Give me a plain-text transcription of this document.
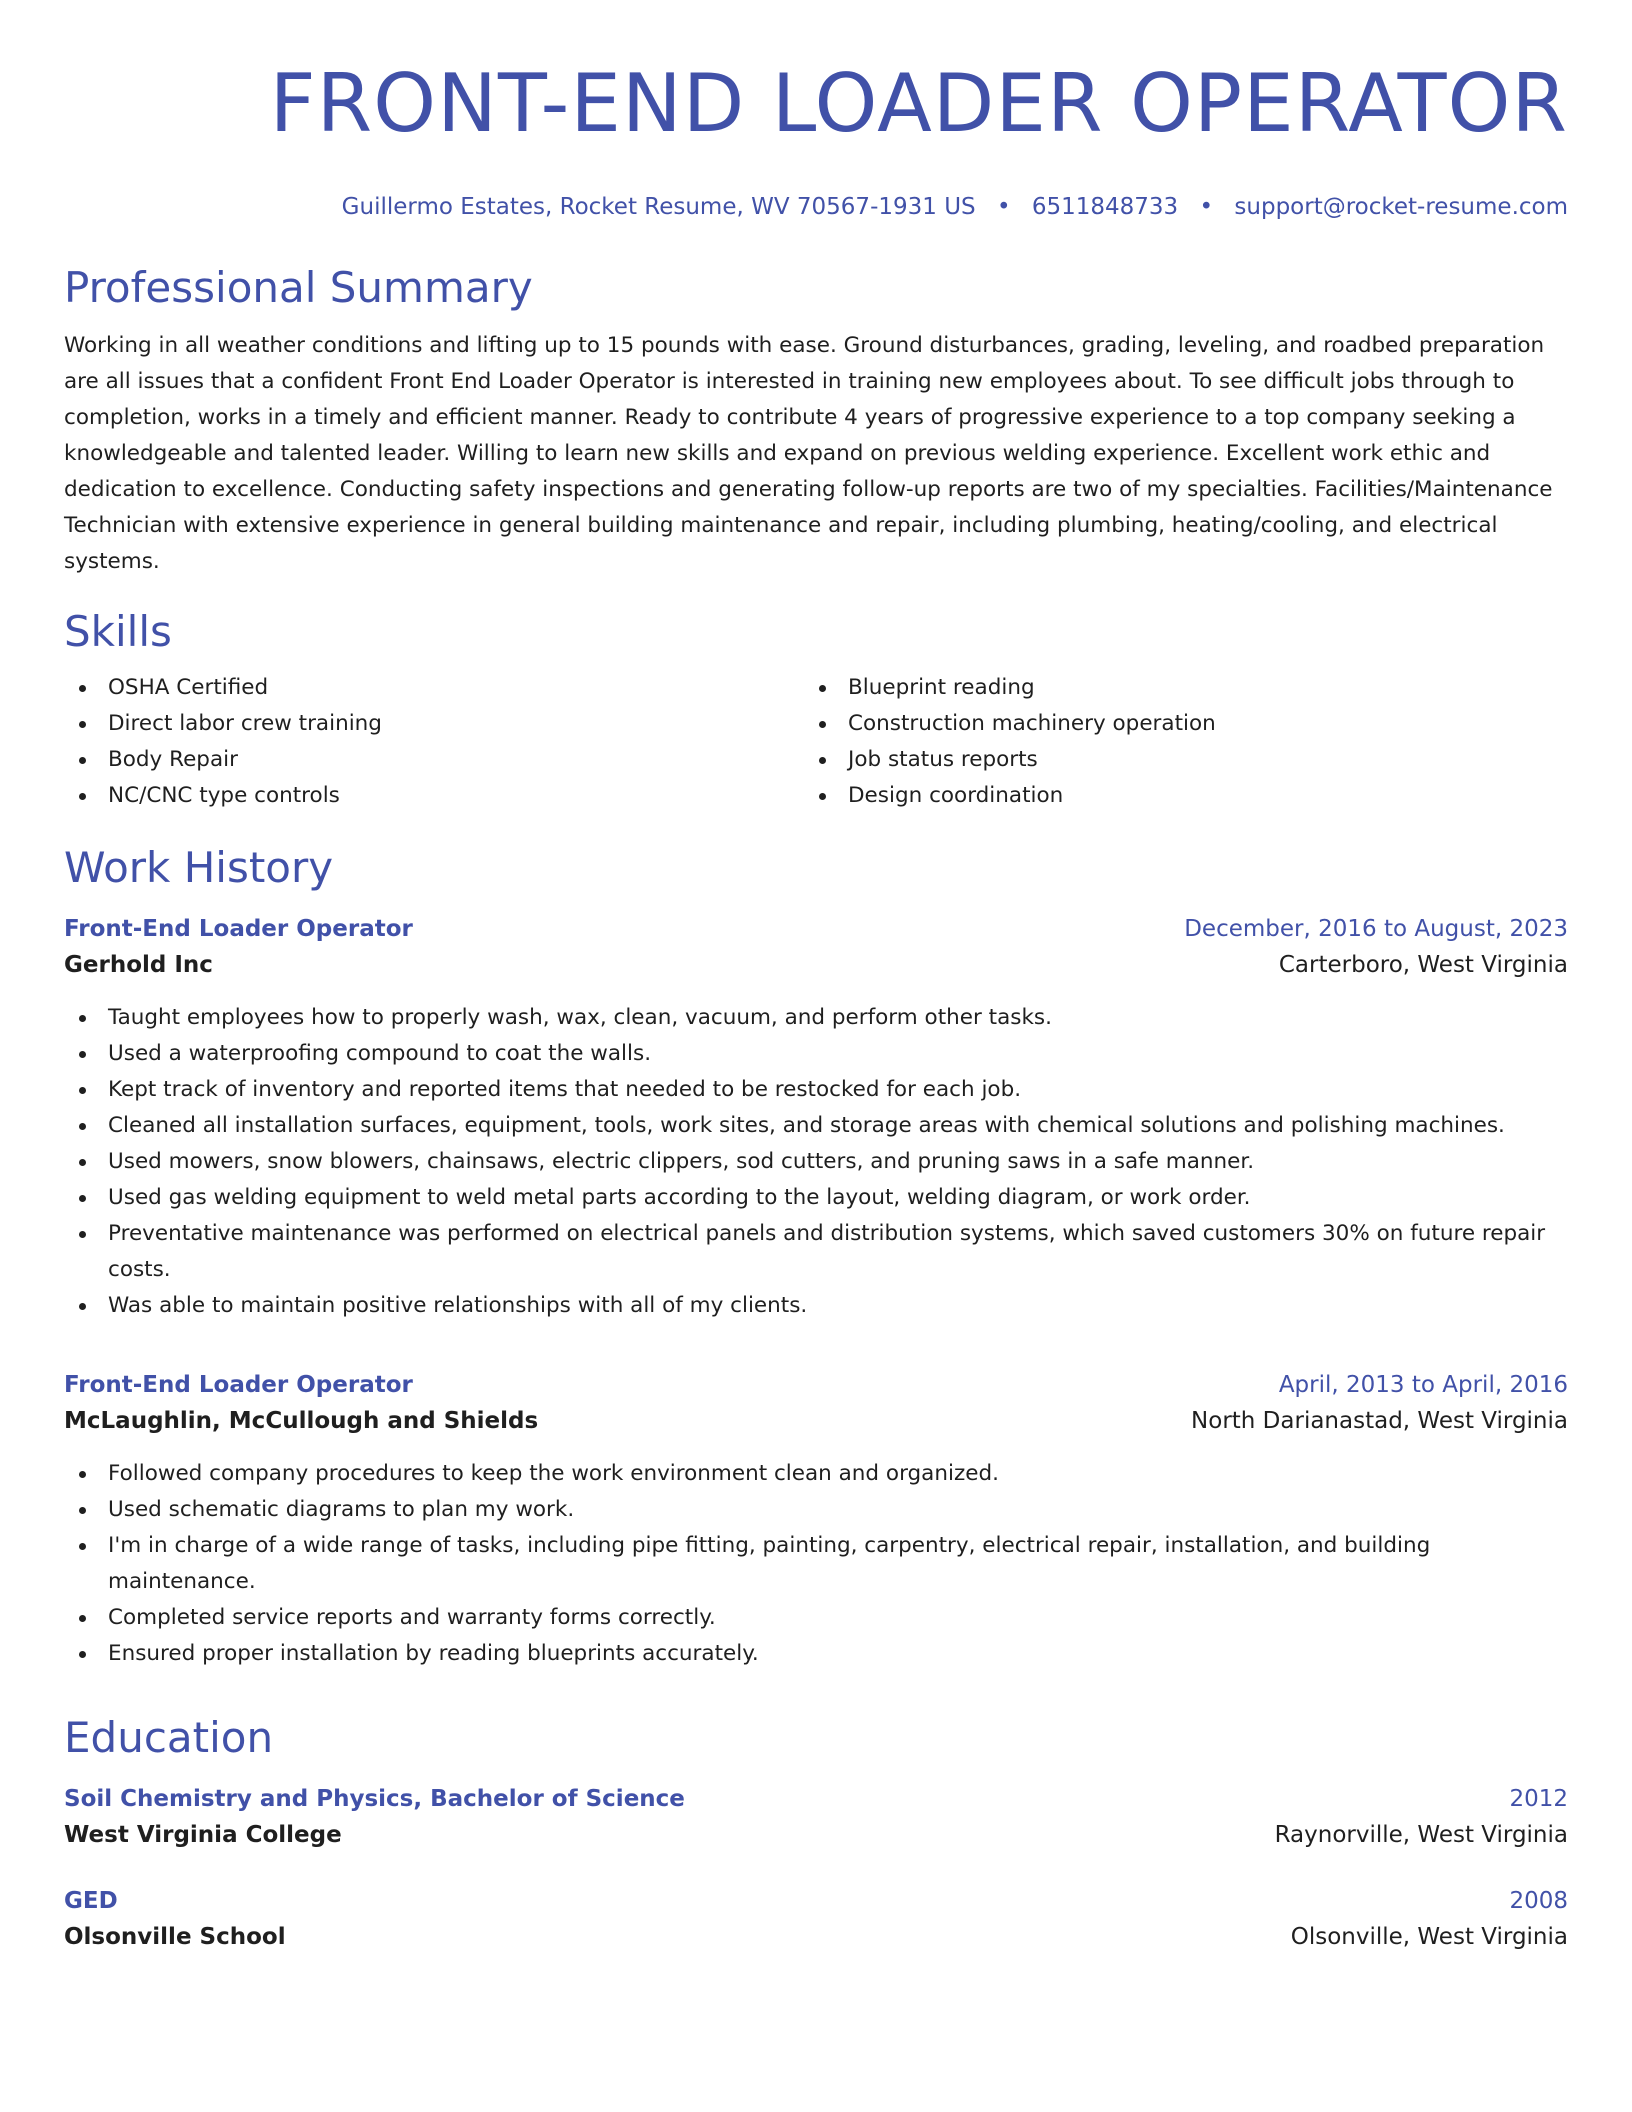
FRONT-END LOADER OPERATOR
Guillermo Estates, Rocket Resume, WV 70567-1931 US • 6511848733 • support@rocket-resume.com
Professional Summary

Working in all weather conditions and lifting up to 15 pounds with ease. Ground disturbances, grading, leveling, and roadbed preparation are all issues that a confident Front End Loader Operator is interested in training new employees about. To see difficult jobs through to completion, works in a timely and efficient manner. Ready to contribute 4 years of progressive experience to a top company seeking a knowledgeable and talented leader. Willing to learn new skills and expand on previous welding experience. Excellent work ethic and dedication to excellence. Conducting safety inspections and generating follow-up reports are two of my specialties. Facilities/Maintenance Technician with extensive experience in general building maintenance and repair, including plumbing, heating/cooling, and electrical systems.

Skills
OSHA Certified
Direct labor crew training
Body Repair
NC/CNC type controls
Blueprint reading
Construction machinery operation
Job status reports
Design coordination
Work History
Front-End Loader Operator	December, 2016 to August, 2023
Gerhold Inc	Carterboro, West Virginia
Taught employees how to properly wash, wax, clean, vacuum, and perform other tasks.
Used a waterproofing compound to coat the walls.
Kept track of inventory and reported items that needed to be restocked for each job.
Cleaned all installation surfaces, equipment, tools, work sites, and storage areas with chemical solutions and polishing machines.
Used mowers, snow blowers, chainsaws, electric clippers, sod cutters, and pruning saws in a safe manner.
Used gas welding equipment to weld metal parts according to the layout, welding diagram, or work order.
Preventative maintenance was performed on electrical panels and distribution systems, which saved customers 30% on future repair costs.
Was able to maintain positive relationships with all of my clients.
Front-End Loader Operator	April, 2013 to April, 2016
McLaughlin, McCullough and Shields	North Darianastad, West Virginia
Followed company procedures to keep the work environment clean and organized.
Used schematic diagrams to plan my work.
I'm in charge of a wide range of tasks, including pipe fitting, painting, carpentry, electrical repair, installation, and building maintenance.
Completed service reports and warranty forms correctly.
Ensured proper installation by reading blueprints accurately.
Education
Soil Chemistry and Physics, Bachelor of Science	2012
West Virginia College	Raynorville, West Virginia
GED	2008
Olsonville School	Olsonville, West Virginia
